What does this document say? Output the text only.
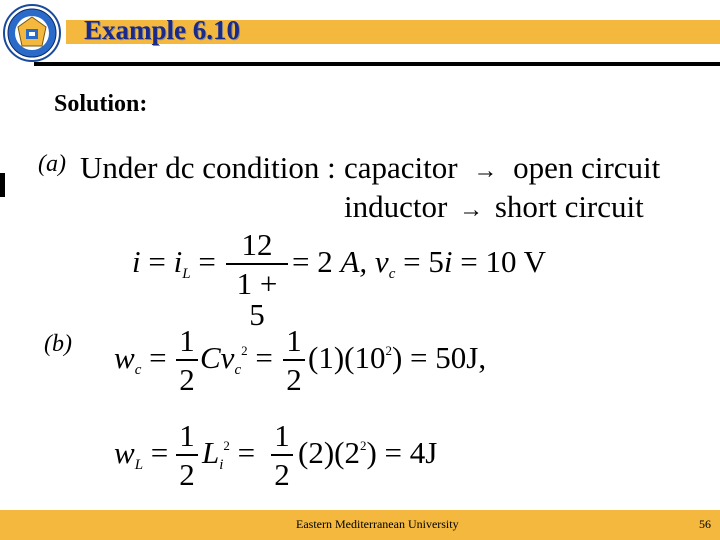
Example 6.10
Solution:
(a) Under dc condition : capacitor → open circuit
inductor → short circuit
i = iL = 12
1 + 5
= 2 A, vc = 5i = 10 V
(b) wc = 1
2
Cvc$^2$ = 1
2
$(1)(10^2) = 50J$,
wL = 1
2
$Li^2 = 1$
2
$(2)(2^2) = 4J$
Eastern Mediterranean University	56
